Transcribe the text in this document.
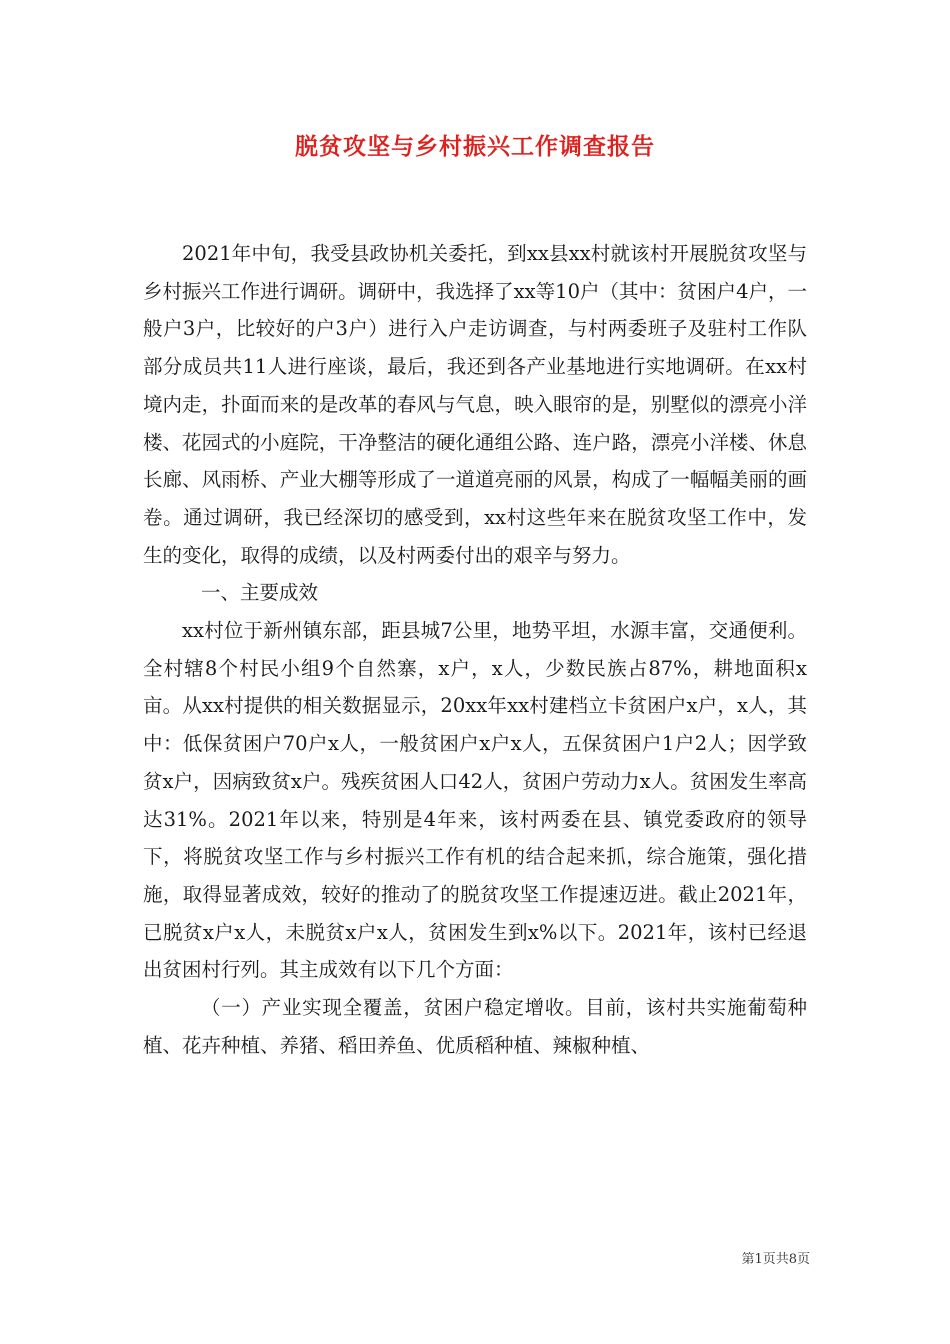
脱贫攻坚与乡村振兴工作调查报告

2021年中旬，我受县政协机关委托，到xx县xx村就该村开展脱贫攻坚与乡村振兴工作进行调研。调研中，我选择了xx等10户（其中：贫困户4户，一般户3户，比较好的户3户）进行入户走访调查，与村两委班子及驻村工作队部分成员共11人进行座谈，最后，我还到各产业基地进行实地调研。在xx村境内走，扑面而来的是改革的春风与气息，映入眼帘的是，别墅似的漂亮小洋楼、花园式的小庭院，干净整洁的硬化通组公路、连户路，漂亮小洋楼、休息长廊、风雨桥、产业大棚等形成了一道道亮丽的风景，构成了一幅幅美丽的画卷。通过调研，我已经深切的感受到，xx村这些年来在脱贫攻坚工作中，发生的变化，取得的成绩，以及村两委付出的艰辛与努力。

一、主要成效

xx村位于新州镇东部，距县城7公里，地势平坦，水源丰富，交通便利。全村辖8个村民小组9个自然寨，x户，x人，少数民族占87%，耕地面积x亩。从xx村提供的相关数据显示，20xx年xx村建档立卡贫困户x户，x人，其中：低保贫困户70户x人，一般贫困户x户x人，五保贫困户1户2人；因学致贫x户，因病致贫x户。残疾贫困人口42人，贫困户劳动力x人。贫困发生率高达31%。2021年以来，特别是4年来，该村两委在县、镇党委政府的领导下，将脱贫攻坚工作与乡村振兴工作有机的结合起来抓，综合施策，强化措施，取得显著成效，较好的推动了的脱贫攻坚工作提速迈进。截止2021年，已脱贫x户x人，未脱贫x户x人，贫困发生到x%以下。2021年，该村已经退出贫困村行列。其主成效有以下几个方面：

（一）产业实现全覆盖，贫困户稳定增收。目前，该村共实施葡萄种植、花卉种植、养猪、稻田养鱼、优质稻种植、辣椒种植、

第1页共8页
